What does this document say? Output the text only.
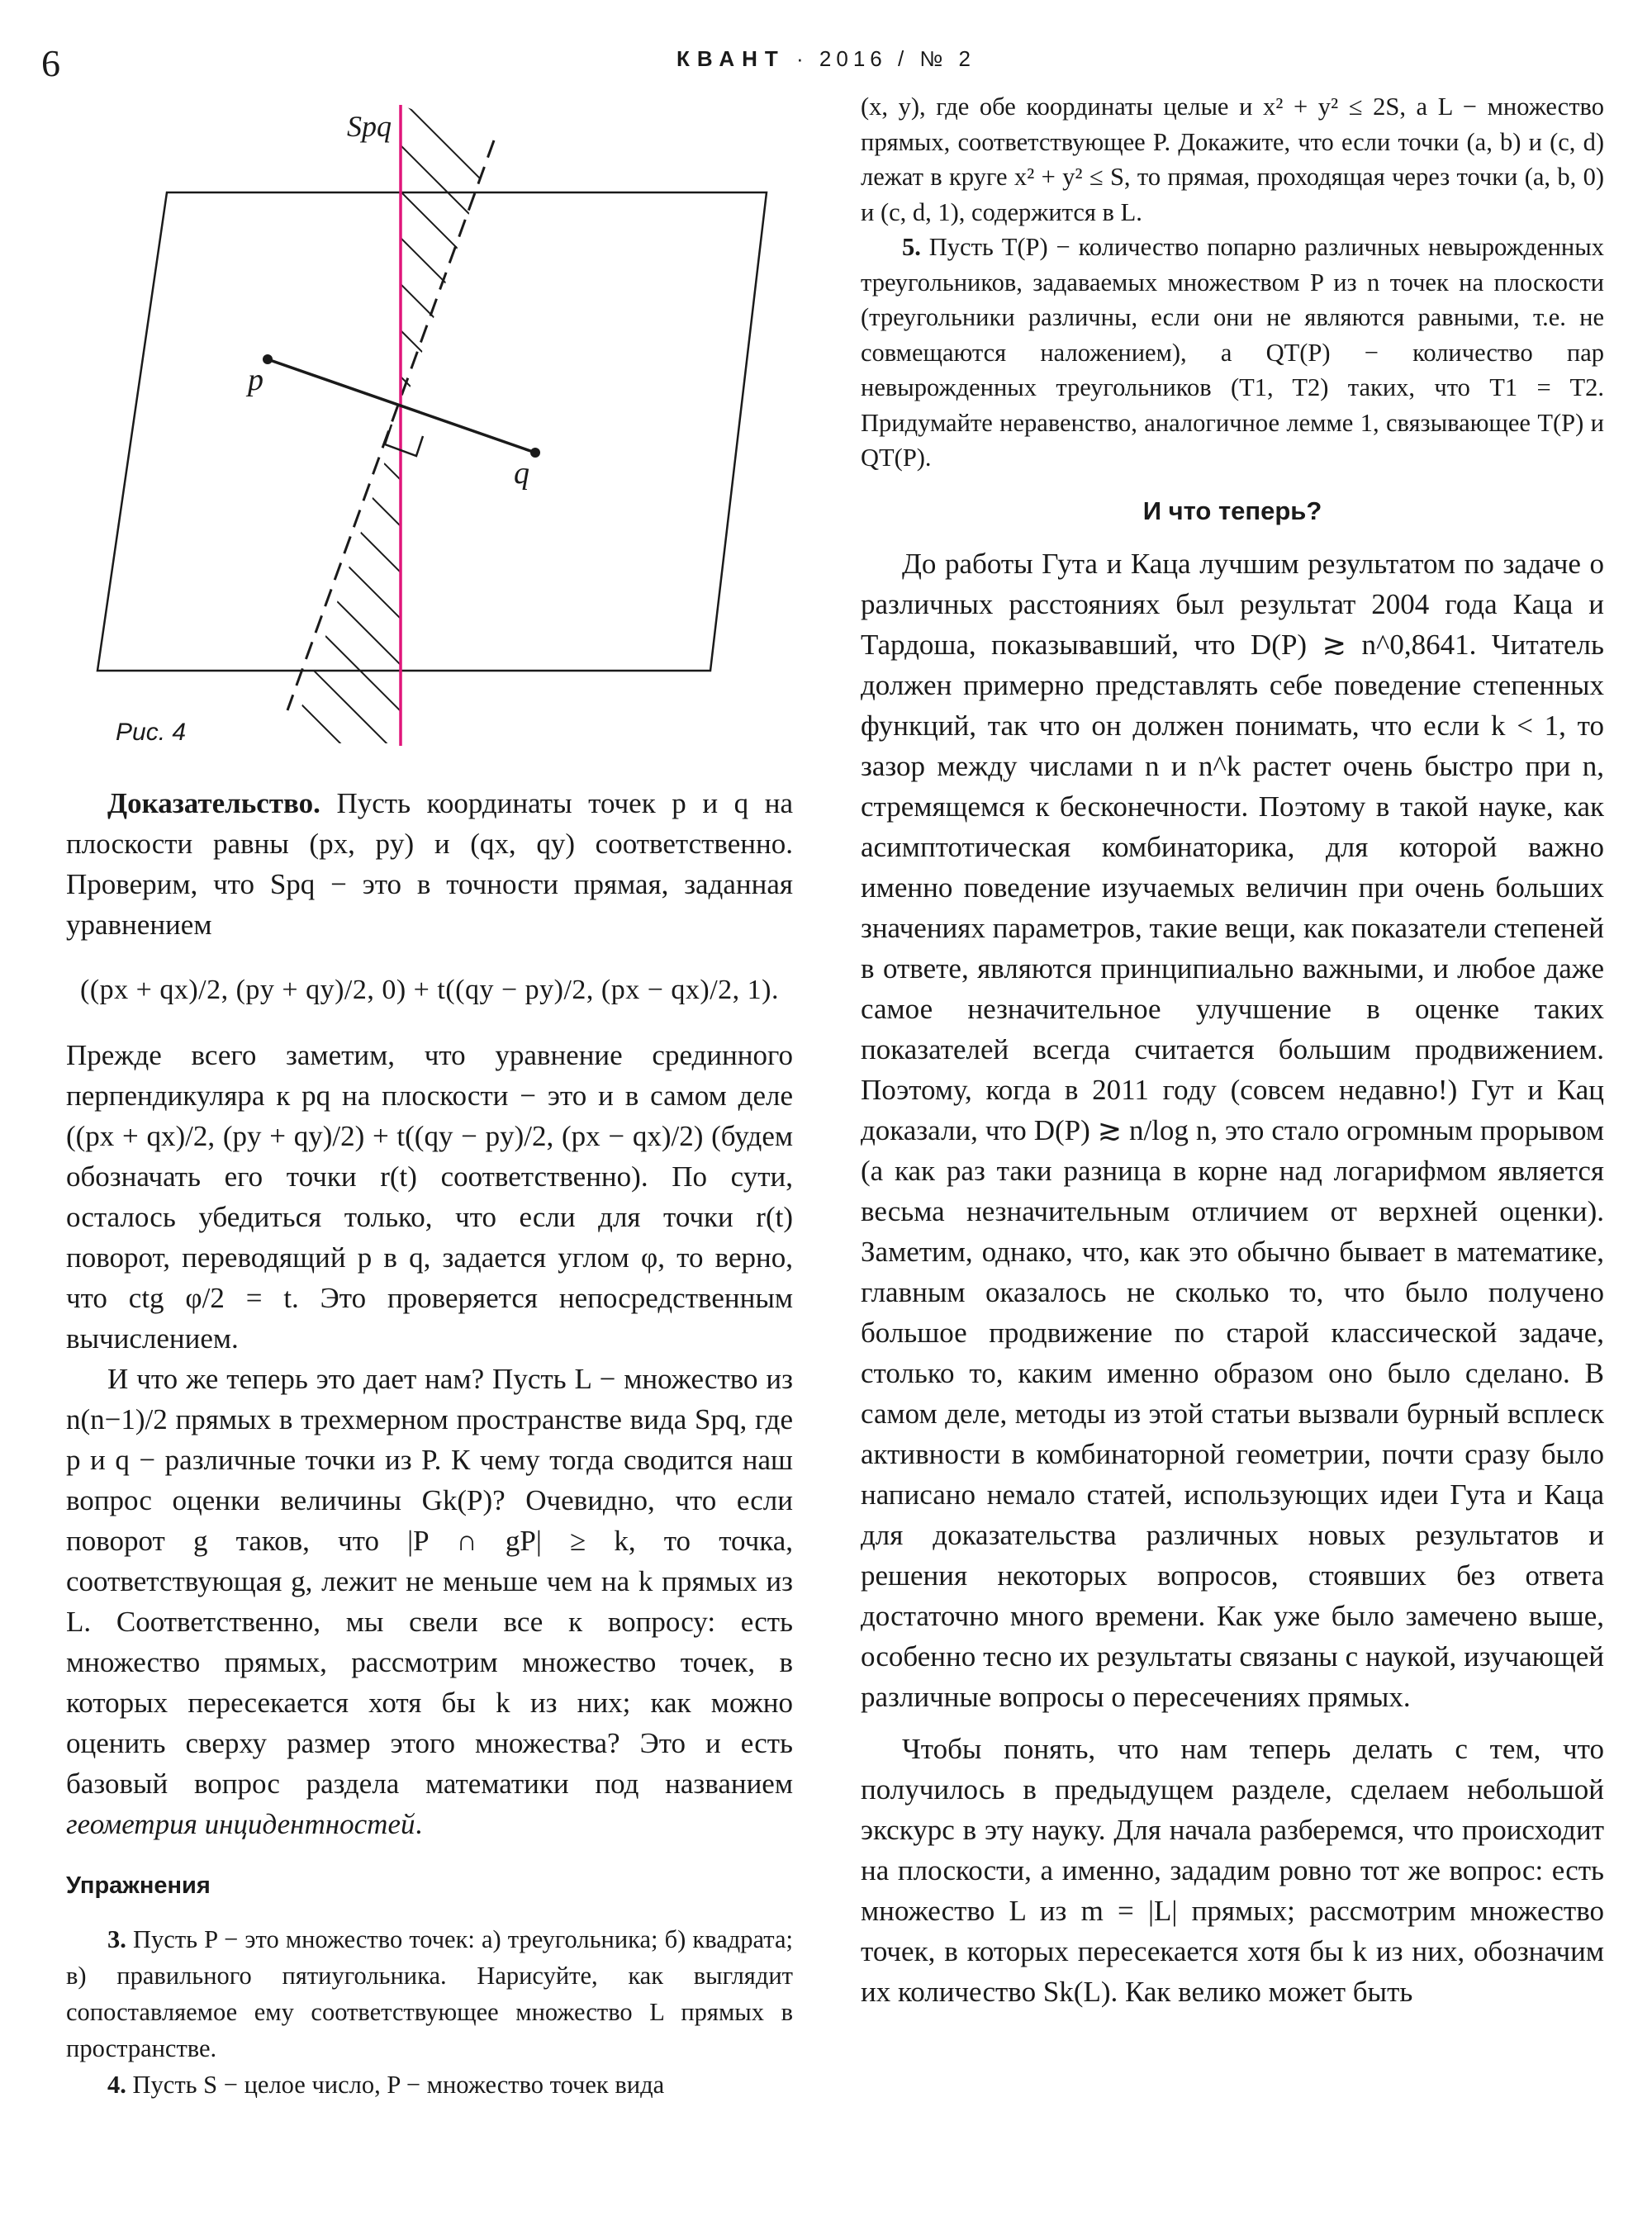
6	КВАНТ · 2016 / № 2
Spq
p
q
Рис. 4

Доказательство. Пусть координаты точек p и q на плоскости равны (px, py) и (qx, qy) соответственно. Проверим, что Spq − это в точности прямая, заданная уравнением

((px + qx)/2, (py + qy)/2, 0) + t((qy − py)/2, (px − qx)/2, 1).

Прежде всего заметим, что уравнение срединного перпендикуляра к pq на плоскости − это и в самом деле ((px + qx)/2, (py + qy)/2) + t((qy − py)/2, (px − qx)/2) (будем обозначать его точки r(t) соответственно). По сути, осталось убедиться только, что если для точки r(t) поворот, переводящий p в q, задается углом φ, то верно, что ctg φ/2 = t. Это проверяется непосредственным вычислением.

И что же теперь это дает нам? Пусть L − множество из n(n−1)/2 прямых в трехмерном пространстве вида Spq, где p и q − различные точки из P. К чему тогда сводится наш вопрос оценки величины Gk(P)? Очевидно, что если поворот g таков, что |P ∩ gP| ≥ k, то точка, соответствующая g, лежит не меньше чем на k прямых из L. Соответственно, мы свели все к вопросу: есть множество прямых, рассмотрим множество точек, в которых пересекается хотя бы k из них; как можно оценить сверху размер этого множества? Это и есть базовый вопрос раздела математики под названием геометрия инцидентностей.

Упражнения

3. Пусть P − это множество точек: а) треугольника; б) квадрата; в) правильного пятиугольника. Нарисуйте, как выглядит сопоставляемое ему соответствующее множество L прямых в пространстве.

4. Пусть S − целое число, P − множество точек вида

(x, y), где обе координаты целые и x² + y² ≤ 2S, а L − множество прямых, соответствующее P. Докажите, что если точки (a, b) и (c, d) лежат в круге x² + y² ≤ S, то прямая, проходящая через точки (a, b, 0) и (c, d, 1), содержится в L.

5. Пусть T(P) − количество попарно различных невырожденных треугольников, задаваемых множеством P из n точек на плоскости (треугольники различны, если они не являются равными, т.е. не совмещаются наложением), а QT(P) − количество пар невырожденных треугольников (T1, T2) таких, что T1 = T2. Придумайте неравенство, аналогичное лемме 1, связывающее T(P) и QT(P).

И что теперь?

До работы Гута и Каца лучшим результатом по задаче о различных расстояниях был результат 2004 года Каца и Тардоша, показывавший, что D(P) ≳ n^0,8641. Читатель должен примерно представлять себе поведение степенных функций, так что он должен понимать, что если k < 1, то зазор между числами n и n^k растет очень быстро при n, стремящемся к бесконечности. Поэтому в такой науке, как асимптотическая комбинаторика, для которой важно именно поведение изучаемых величин при очень больших значениях параметров, такие вещи, как показатели степеней в ответе, являются принципиально важными, и любое даже самое незначительное улучшение в оценке таких показателей всегда считается большим продвижением. Поэтому, когда в 2011 году (совсем недавно!) Гут и Кац доказали, что D(P) ≳ n/log n, это стало огромным прорывом (а как раз таки разница в корне над логарифмом является весьма незначительным отличием от верхней оценки). Заметим, однако, что, как это обычно бывает в математике, главным оказалось не сколько то, что было получено большое продвижение по старой классической задаче, столько то, каким именно образом оно было сделано. В самом деле, методы из этой статьи вызвали бурный всплеск активности в комбинаторной геометрии, почти сразу было написано немало статей, использующих идеи Гута и Каца для доказательства различных новых результатов и решения некоторых вопросов, стоявших без ответа достаточно много времени. Как уже было замечено выше, особенно тесно их результаты связаны с наукой, изучающей различные вопросы о пересечениях прямых.

Чтобы понять, что нам теперь делать с тем, что получилось в предыдущем разделе, сделаем небольшой экскурс в эту науку. Для начала разберемся, что происходит на плоскости, а именно, зададим ровно тот же вопрос: есть множество L из m = |L| прямых; рассмотрим множество точек, в которых пересекается хотя бы k из них, обозначим их количество Sk(L). Как велико может быть
